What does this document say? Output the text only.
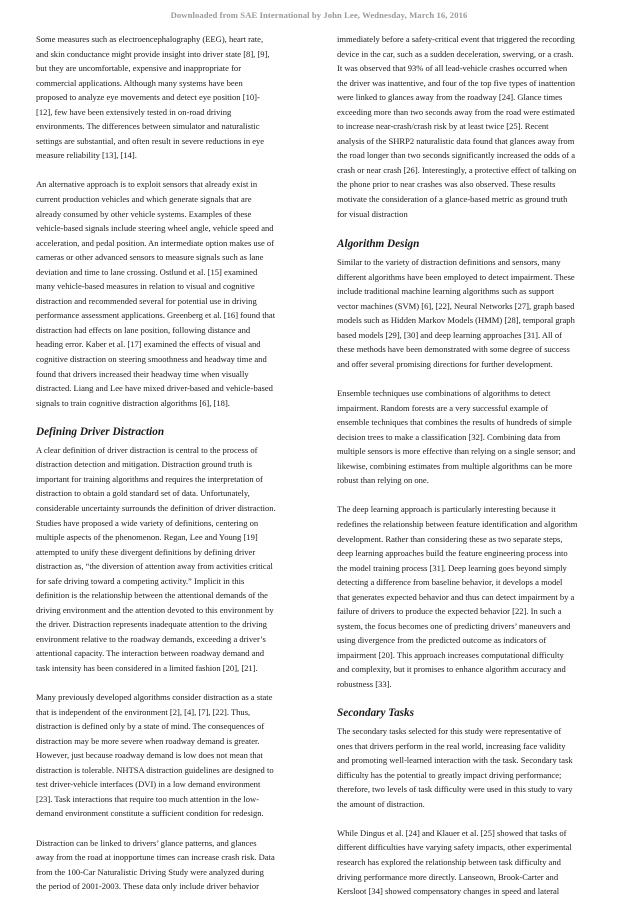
Downloaded from SAE International by John Lee, Wednesday, March 16, 2016

Some measures such as electroencephalography (EEG), heart rate,
and skin conductance might provide insight into driver state [8], [9],
but they are uncomfortable, expensive and inappropriate for
commercial applications. Although many systems have been
proposed to analyze eye movements and detect eye position [10]-
[12], few have been extensively tested in on-road driving
environments. The differences between simulator and naturalistic
settings are substantial, and often result in severe reductions in eye
measure reliability [13], [14].

An alternative approach is to exploit sensors that already exist in
current production vehicles and which generate signals that are
already consumed by other vehicle systems. Examples of these
vehicle-based signals include steering wheel angle, vehicle speed and
acceleration, and pedal position. An intermediate option makes use of
cameras or other advanced sensors to measure signals such as lane
deviation and time to lane crossing. Ostlund et al. [15] examined
many vehicle-based measures in relation to visual and cognitive
distraction and recommended several for potential use in driving
performance assessment applications. Greenberg et al. [16] found that
distraction had effects on lane position, following distance and
heading error. Kaber et al. [17] examined the effects of visual and
cognitive distraction on steering smoothness and headway time and
found that drivers increased their headway time when visually
distracted. Liang and Lee have mixed driver-based and vehicle-based
signals to train cognitive distraction algorithms [6], [18].

Defining Driver Distraction

A clear definition of driver distraction is central to the process of
distraction detection and mitigation. Distraction ground truth is
important for training algorithms and requires the interpretation of
distraction to obtain a gold standard set of data. Unfortunately,
considerable uncertainty surrounds the definition of driver distraction.
Studies have proposed a wide variety of definitions, centering on
multiple aspects of the phenomenon. Regan, Lee and Young [19]
attempted to unify these divergent definitions by defining driver
distraction as, “the diversion of attention away from activities critical
for safe driving toward a competing activity.” Implicit in this
definition is the relationship between the attentional demands of the
driving environment and the attention devoted to this environment by
the driver. Distraction represents inadequate attention to the driving
environment relative to the roadway demands, exceeding a driver’s
attentional capacity. The interaction between roadway demand and
task intensity has been considered in a limited fashion [20], [21].

Many previously developed algorithms consider distraction as a state
that is independent of the environment [2], [4], [7], [22]. Thus,
distraction is defined only by a state of mind. The consequences of
distraction may be more severe when roadway demand is greater.
However, just because roadway demand is low does not mean that
distraction is tolerable. NHTSA distraction guidelines are designed to
test driver-vehicle interfaces (DVI) in a low demand environment
[23]. Task interactions that require too much attention in the low-
demand environment constitute a sufficient condition for redesign.

Distraction can be linked to drivers’ glance patterns, and glances
away from the road at inopportune times can increase crash risk. Data
from the 100-Car Naturalistic Driving Study were analyzed during
the period of 2001-2003. These data only include driver behavior

immediately before a safety-critical event that triggered the recording
device in the car, such as a sudden deceleration, swerving, or a crash.
It was observed that 93% of all lead-vehicle crashes occurred when
the driver was inattentive, and four of the top five types of inattention
were linked to glances away from the roadway [24]. Glance times
exceeding more than two seconds away from the road were estimated
to increase near-crash/crash risk by at least twice [25]. Recent
analysis of the SHRP2 naturalistic data found that glances away from
the road longer than two seconds significantly increased the odds of a
crash or near crash [26]. Interestingly, a protective effect of talking on
the phone prior to near crashes was also observed. These results
motivate the consideration of a glance-based metric as ground truth
for visual distraction

Algorithm Design

Similar to the variety of distraction definitions and sensors, many
different algorithms have been employed to detect impairment. These
include traditional machine learning algorithms such as support
vector machines (SVM) [6], [22], Neural Networks [27], graph based
models such as Hidden Markov Models (HMM) [28], temporal graph
based models [29], [30] and deep learning approaches [31]. All of
these methods have been demonstrated with some degree of success
and offer several promising directions for further development.

Ensemble techniques use combinations of algorithms to detect
impairment. Random forests are a very successful example of
ensemble techniques that combines the results of hundreds of simple
decision trees to make a classification [32]. Combining data from
multiple sensors is more effective than relying on a single sensor; and
likewise, combining estimates from multiple algorithms can be more
robust than relying on one.

The deep learning approach is particularly interesting because it
redefines the relationship between feature identification and algorithm
development. Rather than considering these as two separate steps,
deep learning approaches build the feature engineering process into
the model training process [31]. Deep learning goes beyond simply
detecting a difference from baseline behavior, it develops a model
that generates expected behavior and thus can detect impairment by a
failure of drivers to produce the expected behavior [22]. In such a
system, the focus becomes one of predicting drivers’ maneuvers and
using divergence from the predicted outcome as indicators of
impairment [20]. This approach increases computational difficulty
and complexity, but it promises to enhance algorithm accuracy and
robustness [33].

Secondary Tasks

The secondary tasks selected for this study were representative of
ones that drivers perform in the real world, increasing face validity
and promoting well-learned interaction with the task. Secondary task
difficulty has the potential to greatly impact driving performance;
therefore, two levels of task difficulty were used in this study to vary
the amount of distraction.

While Dingus et al. [24] and Klauer et al. [25] showed that tasks of
different difficulties have varying safety impacts, other experimental
research has explored the relationship between task difficulty and
driving performance more directly. Lanseown, Brook-Carter and
Kersloot [34] showed compensatory changes in speed and lateral
